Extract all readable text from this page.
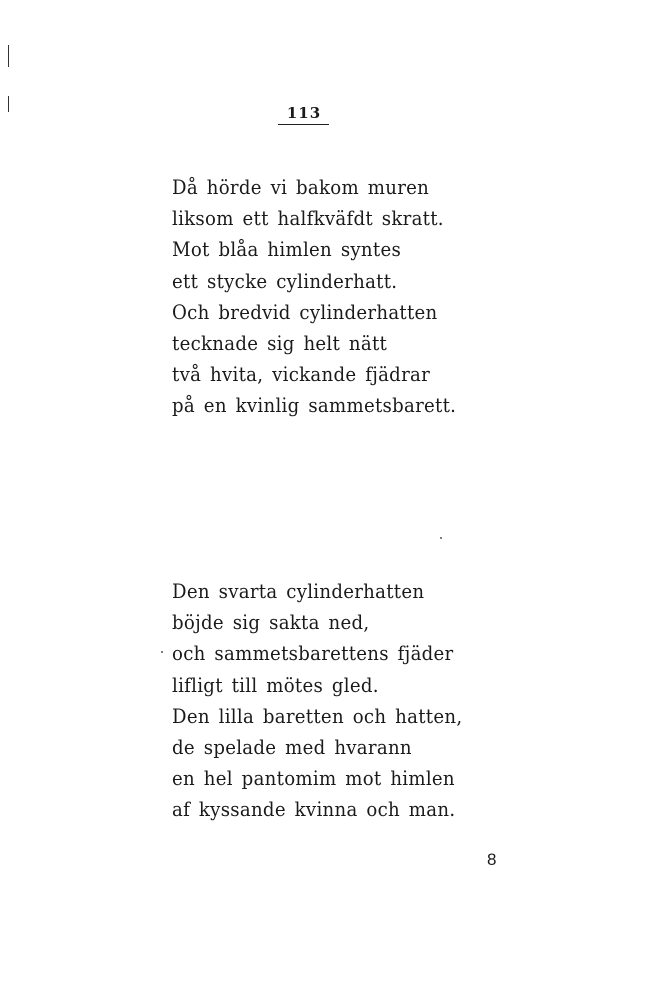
113
Då hörde vi bakom muren
liksom ett halfkväfdt skratt.
Mot blåa himlen syntes
ett stycke cylinderhatt.
Och bredvid cylinderhatten
tecknade sig helt nätt
två hvita, vickande fjädrar
på en kvinlig sammetsbarett.
Den svarta cylinderhatten
böjde sig sakta ned,
och sammetsbarettens fjäder
lifligt till mötes gled.
Den lilla baretten och hatten,
de spelade med hvarann
en hel pantomim mot himlen
af kyssande kvinna och man.
8
